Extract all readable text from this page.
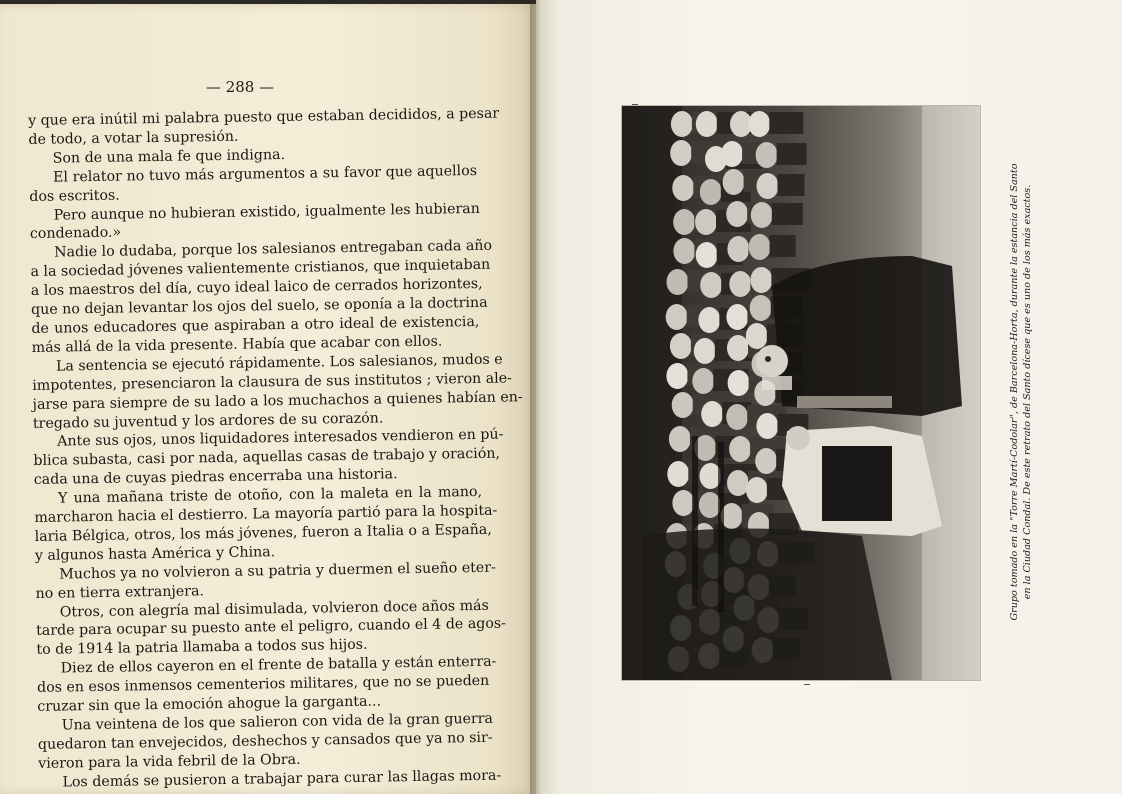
— 288 —
y que era inútil mi palabra puesto que estaban decididos, a pesar
de todo, a votar la supresión.
Son de una mala fe que indigna.
El relator no tuvo más argumentos a su favor que aquellos
dos escritos.
Pero aunque no hubieran existido, igualmente les hubieran
condenado.»
Nadie lo dudaba, porque los salesianos entregaban cada año
a la sociedad jóvenes valientemente cristianos, que inquietaban
a los maestros del día, cuyo ideal laico de cerrados horizontes,
que no dejan levantar los ojos del suelo, se oponía a la doctrina
de unos educadores que aspiraban a otro ideal de existencia,
más allá de la vida presente. Había que acabar con ellos.
La sentencia se ejecutó rápidamente. Los salesianos, mudos e
impotentes, presenciaron la clausura de sus institutos ; vieron ale-
jarse para siempre de su lado a los muchachos a quienes habían en-
tregado su juventud y los ardores de su corazón.
Ante sus ojos, unos liquidadores interesados vendieron en pú-
blica subasta, casi por nada, aquellas casas de trabajo y oración,
cada una de cuyas piedras encerraba una historia.
Y una mañana triste de otoño, con la maleta en la mano,
marcharon hacia el destierro. La mayoría partió para la hospita-
laria Bélgica, otros, los más jóvenes, fueron a Italia o a España,
y algunos hasta América y China.
Muchos ya no volvieron a su patria y duermen el sueño eter-
no en tierra extranjera.
Otros, con alegría mal disimulada, volvieron doce años más
tarde para ocupar su puesto ante el peligro, cuando el 4 de agos-
to de 1914 la patria llamaba a todos sus hijos.
Diez de ellos cayeron en el frente de batalla y están enterra-
dos en esos inmensos cementerios militares, que no se pueden
cruzar sin que la emoción ahogue la garganta...
Una veintena de los que salieron con vida de la gran guerra
quedaron tan envejecidos, deshechos y cansados que ya no sir-
vieron para la vida febril de la Obra.
Los demás se pusieron a trabajar para curar las llagas mora-
Grupo tomado en la "Torre Martí-Codolar", de Barcelona-Horta, durante la estancia del Santo en la Ciudad Condal. De este retrato del Santo dícese que es uno de los más exactos.
